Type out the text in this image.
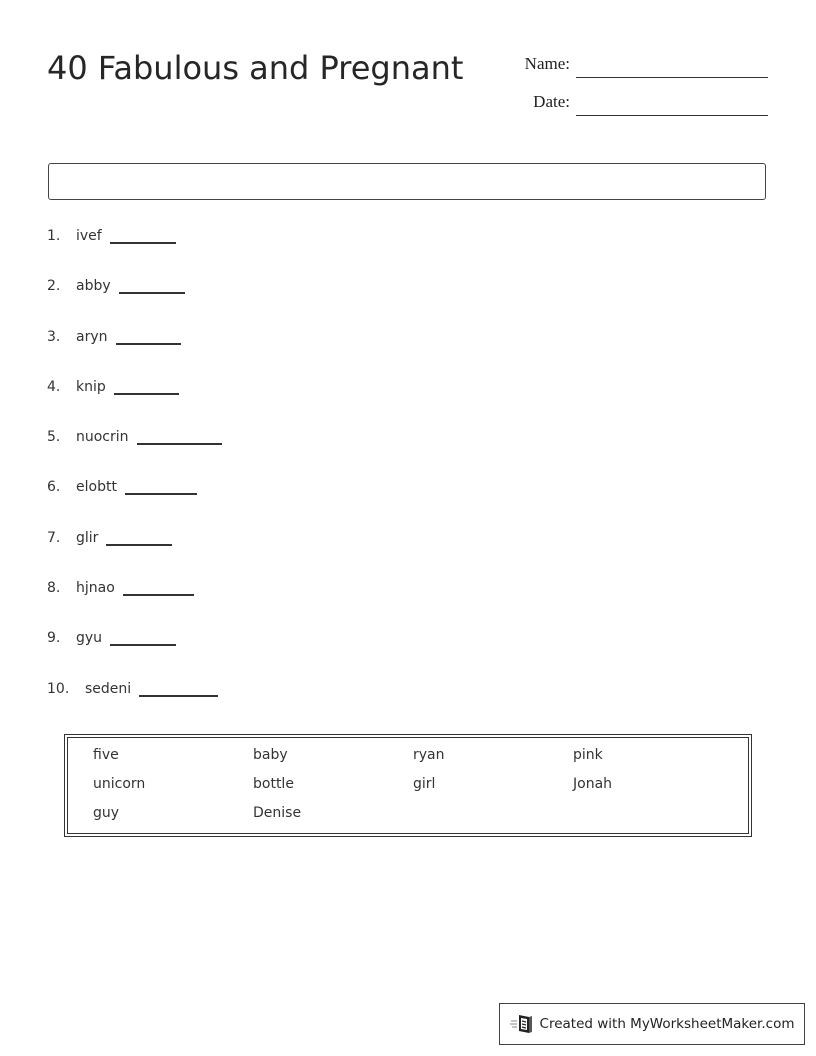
40 Fabulous and Pregnant	Name:
Date:
1. ivef
2. abby
3. aryn
4. knip
5. nuocrin
6. elobtt
7. glir
8. hjnao
9. gyu
10. sedeni
five	baby	ryan	pink
unicorn	bottle	girl	Jonah
guy	Denise
Created with MyWorksheetMaker.com
